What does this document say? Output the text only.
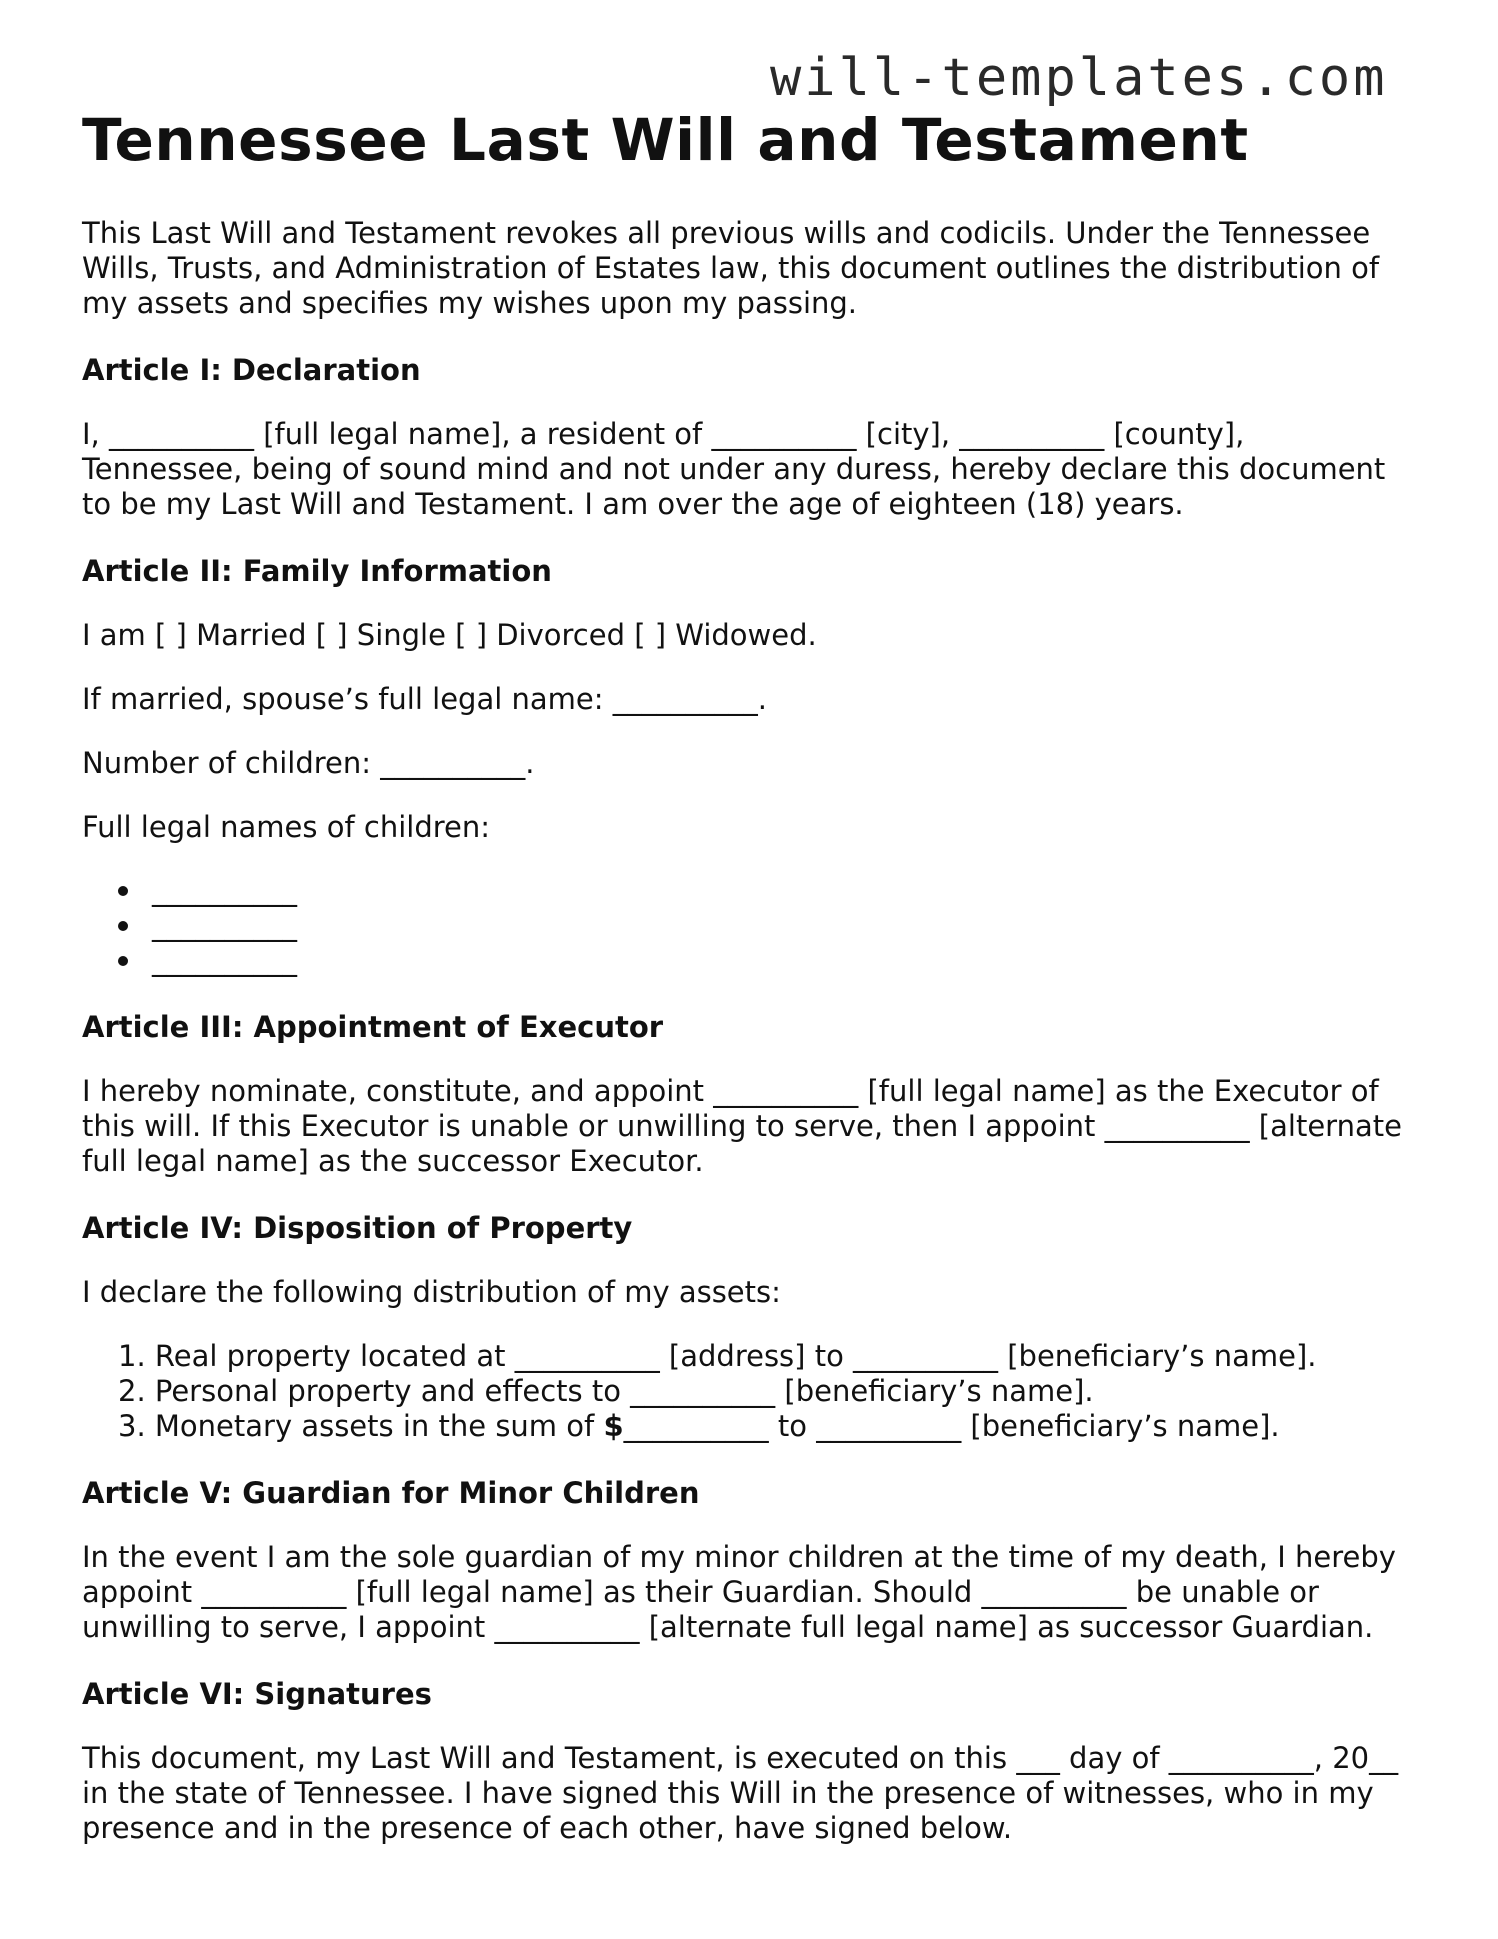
will-templates.com
Tennessee Last Will and Testament

This Last Will and Testament revokes all previous wills and codicils. Under the Tennessee Wills, Trusts, and Administration of Estates law, this document outlines the distribution of my assets and specifies my wishes upon my passing.

Article I: Declaration

I, __________ [full legal name], a resident of __________ [city], __________ [county], Tennessee, being of sound mind and not under any duress, hereby declare this document to be my Last Will and Testament. I am over the age of eighteen (18) years.

Article II: Family Information

I am [ ] Married [ ] Single [ ] Divorced [ ] Widowed.

If married, spouse’s full legal name: __________.

Number of children: __________.

Full legal names of children:

__________
__________
__________
Article III: Appointment of Executor

I hereby nominate, constitute, and appoint __________ [full legal name] as the Executor of this will. If this Executor is unable or unwilling to serve, then I appoint __________ [alternate full legal name] as the successor Executor.

Article IV: Disposition of Property

I declare the following distribution of my assets:

1. Real property located at __________ [address] to __________ [beneficiary’s name].
2. Personal property and effects to __________ [beneficiary’s name].
3. Monetary assets in the sum of $__________ to __________ [beneficiary’s name].
Article V: Guardian for Minor Children

In the event I am the sole guardian of my minor children at the time of my death, I hereby appoint __________ [full legal name] as their Guardian. Should __________ be unable or unwilling to serve, I appoint __________ [alternate full legal name] as successor Guardian.

Article VI: Signatures

This document, my Last Will and Testament, is executed on this ___ day of __________, 20__ in the state of Tennessee. I have signed this Will in the presence of witnesses, who in my presence and in the presence of each other, have signed below.
